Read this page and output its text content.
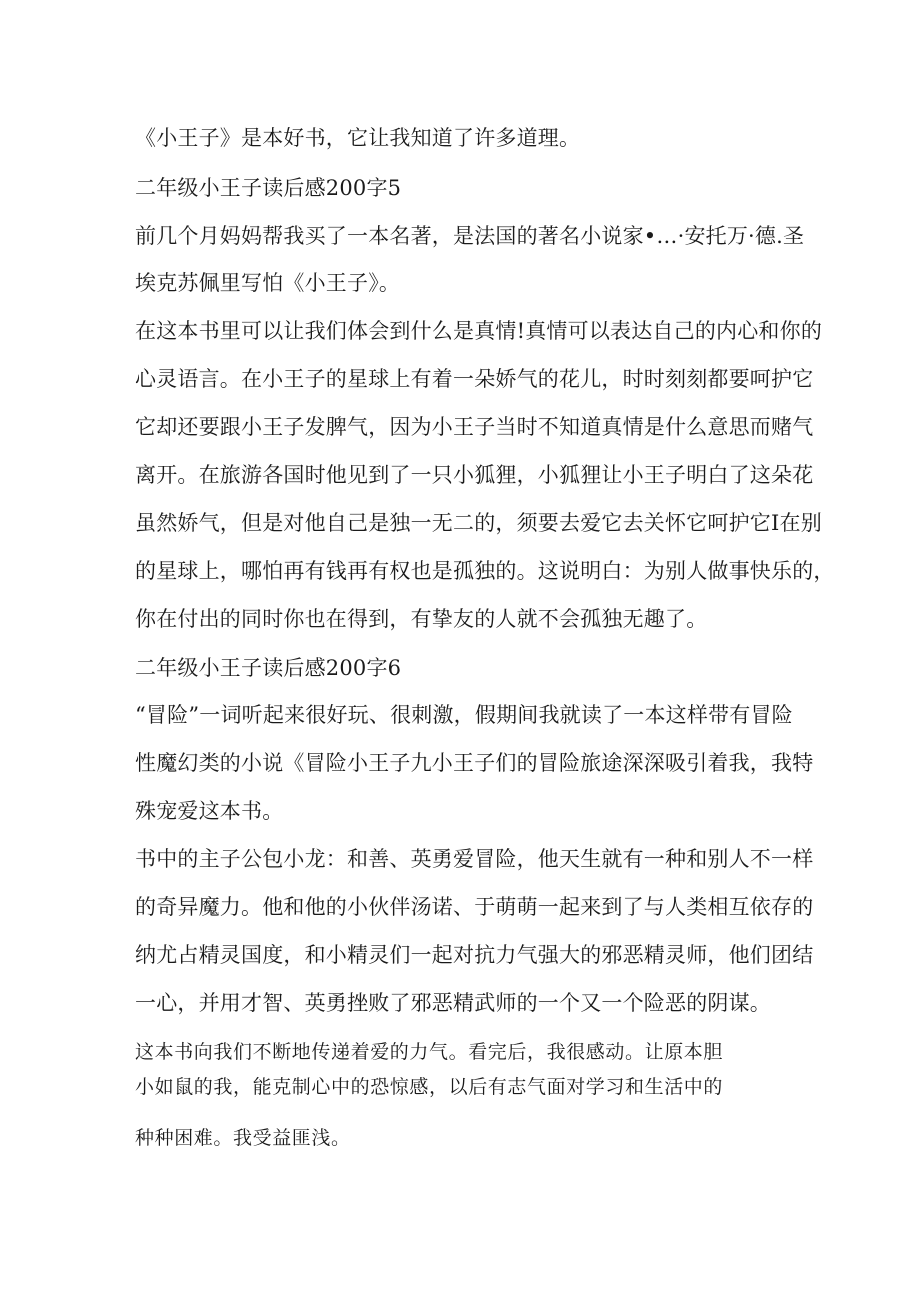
《小王子》是本好书，它让我知道了许多道理。
二年级小王子读后感200字5
前几个月妈妈帮我买了一本名著，是法国的著名小说家•…·安托万·德.圣
埃克苏佩里写怕《小王子》。
在这本书里可以让我们体会到什么是真情!真情可以表达自己的内心和你的
心灵语言。在小王子的星球上有着一朵娇气的花儿，时时刻刻都要呵护它
它却还要跟小王子发脾气，因为小王子当时不知道真情是什么意思而赌气
离开。在旅游各国时他见到了一只小狐狸，小狐狸让小王子明白了这朵花
虽然娇气，但是对他自己是独一无二的，须要去爱它去关怀它呵护它I在别
的星球上，哪怕再有钱再有权也是孤独的。这说明白：为别人做事快乐的，
你在付出的同时你也在得到，有挚友的人就不会孤独无趣了。
二年级小王子读后感200字6
“冒险”一词听起来很好玩、很刺激，假期间我就读了一本这样带有冒险
性魔幻类的小说《冒险小王子九小王子们的冒险旅途深深吸引着我，我特
殊宠爱这本书。
书中的主子公包小龙：和善、英勇爱冒险，他天生就有一种和别人不一样
的奇异魔力。他和他的小伙伴汤诺、于萌萌一起来到了与人类相互依存的
纳尤占精灵国度，和小精灵们一起对抗力气强大的邪恶精灵师，他们团结
一心，并用才智、英勇挫败了邪恶精武师的一个又一个险恶的阴谋。
这本书向我们不断地传递着爱的力气。看完后，我很感动。让原本胆
小如鼠的我，能克制心中的恐惊感，以后有志气面对学习和生活中的
种种困难。我受益匪浅。
